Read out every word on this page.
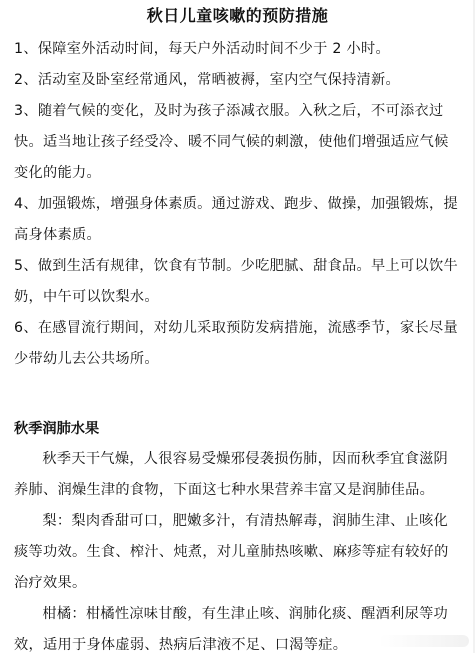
秋日儿童咳嗽的预防措施

1、保障室外活动时间，每天户外活动时间不少于 2 小时。

2、活动室及卧室经常通风，常晒被褥，室内空气保持清新。

3、随着气候的变化，及时为孩子添减衣服。入秋之后，不可添衣过快。适当地让孩子经受冷、暖不同气候的刺激，使他们增强适应气候变化的能力。

4、加强锻炼，增强身体素质。通过游戏、跑步、做操，加强锻炼，提高身体素质。

5、做到生活有规律，饮食有节制。少吃肥腻、甜食品。早上可以饮牛奶，中午可以饮梨水。

6、在感冒流行期间，对幼儿采取预防发病措施，流感季节，家长尽量少带幼儿去公共场所。

秋季润肺水果

秋季天干气燥，人很容易受燥邪侵袭损伤肺，因而秋季宜食滋阴养肺、润燥生津的食物，下面这七种水果营养丰富又是润肺佳品。

梨：梨肉香甜可口，肥嫩多汁，有清热解毒，润肺生津、止咳化痰等功效。生食、榨汁、炖煮，对儿童肺热咳嗽、麻疹等症有较好的治疗效果。

柑橘：柑橘性凉味甘酸，有生津止咳、润肺化痰、醒酒利尿等功效，适用于身体虚弱、热病后津液不足、口渴等症。
